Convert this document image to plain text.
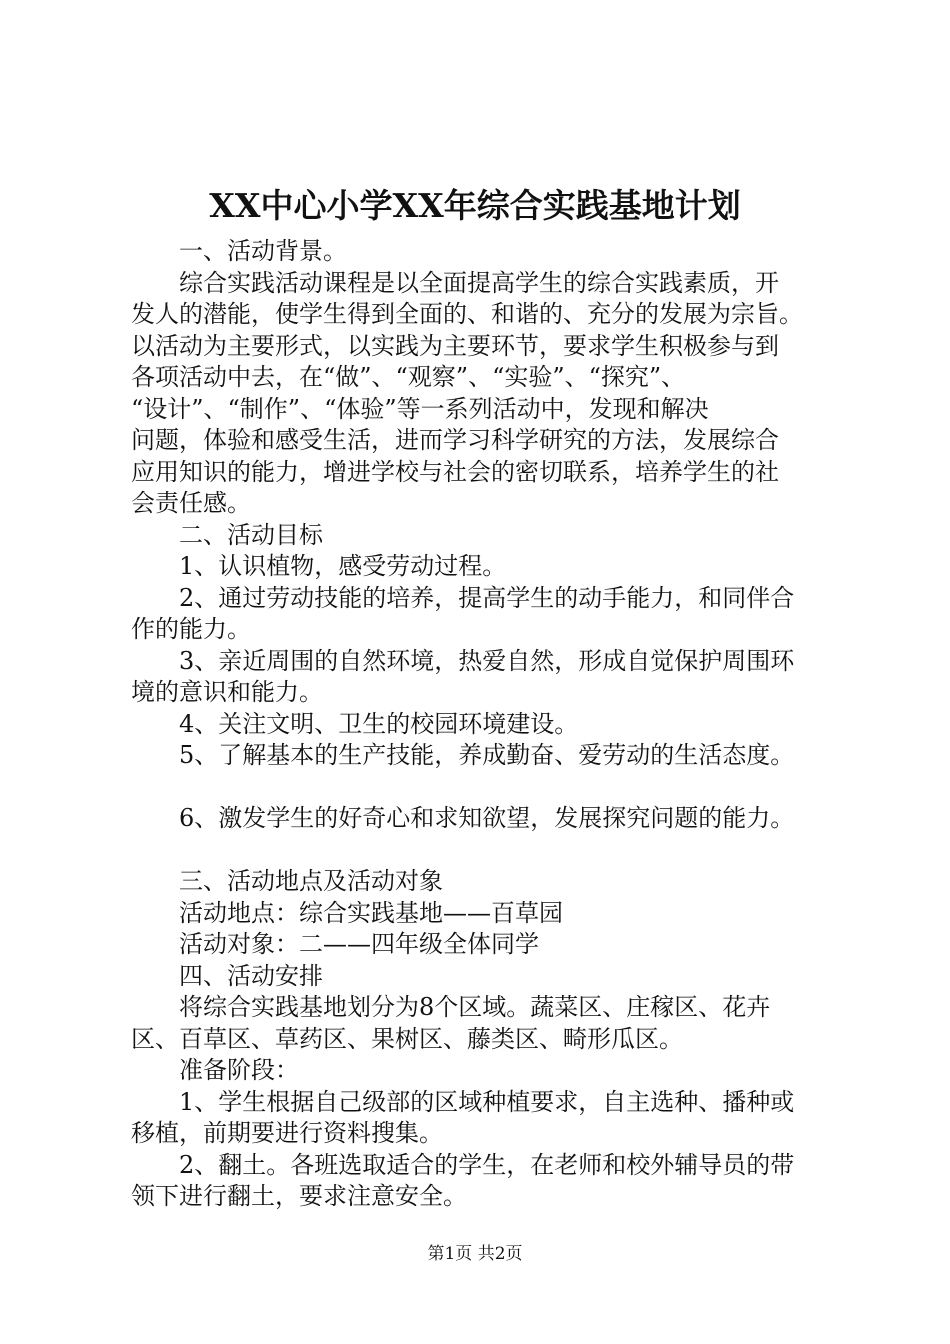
XX中心小学XX年综合实践基地计划
一、活动背景。
综合实践活动课程是以全面提高学生的综合实践素质，开
发人的潜能，使学生得到全面的、和谐的、充分的发展为宗旨。
以活动为主要形式，以实践为主要环节，要求学生积极参与到
各项活动中去，在“做”、“观察”、“实验”、“探究”、
“设计”、“制作”、“体验”等一系列活动中，发现和解决
问题，体验和感受生活，进而学习科学研究的方法，发展综合
应用知识的能力，增进学校与社会的密切联系，培养学生的社
会责任感。
二、活动目标
1、认识植物，感受劳动过程。
2、通过劳动技能的培养，提高学生的动手能力，和同伴合
作的能力。
3、亲近周围的自然环境，热爱自然，形成自觉保护周围环
境的意识和能力。
4、关注文明、卫生的校园环境建设。
5、了解基本的生产技能，养成勤奋、爱劳动的生活态度。
6、激发学生的好奇心和求知欲望，发展探究问题的能力。
三、活动地点及活动对象
活动地点：综合实践基地——百草园
活动对象：二——四年级全体同学
四、活动安排
将综合实践基地划分为8个区域。蔬菜区、庄稼区、花卉
区、百草区、草药区、果树区、藤类区、畸形瓜区。
准备阶段：
1、学生根据自己级部的区域种植要求，自主选种、播种或
移植，前期要进行资料搜集。
2、翻土。各班选取适合的学生，在老师和校外辅导员的带
领下进行翻土，要求注意安全。
第1页 共2页
